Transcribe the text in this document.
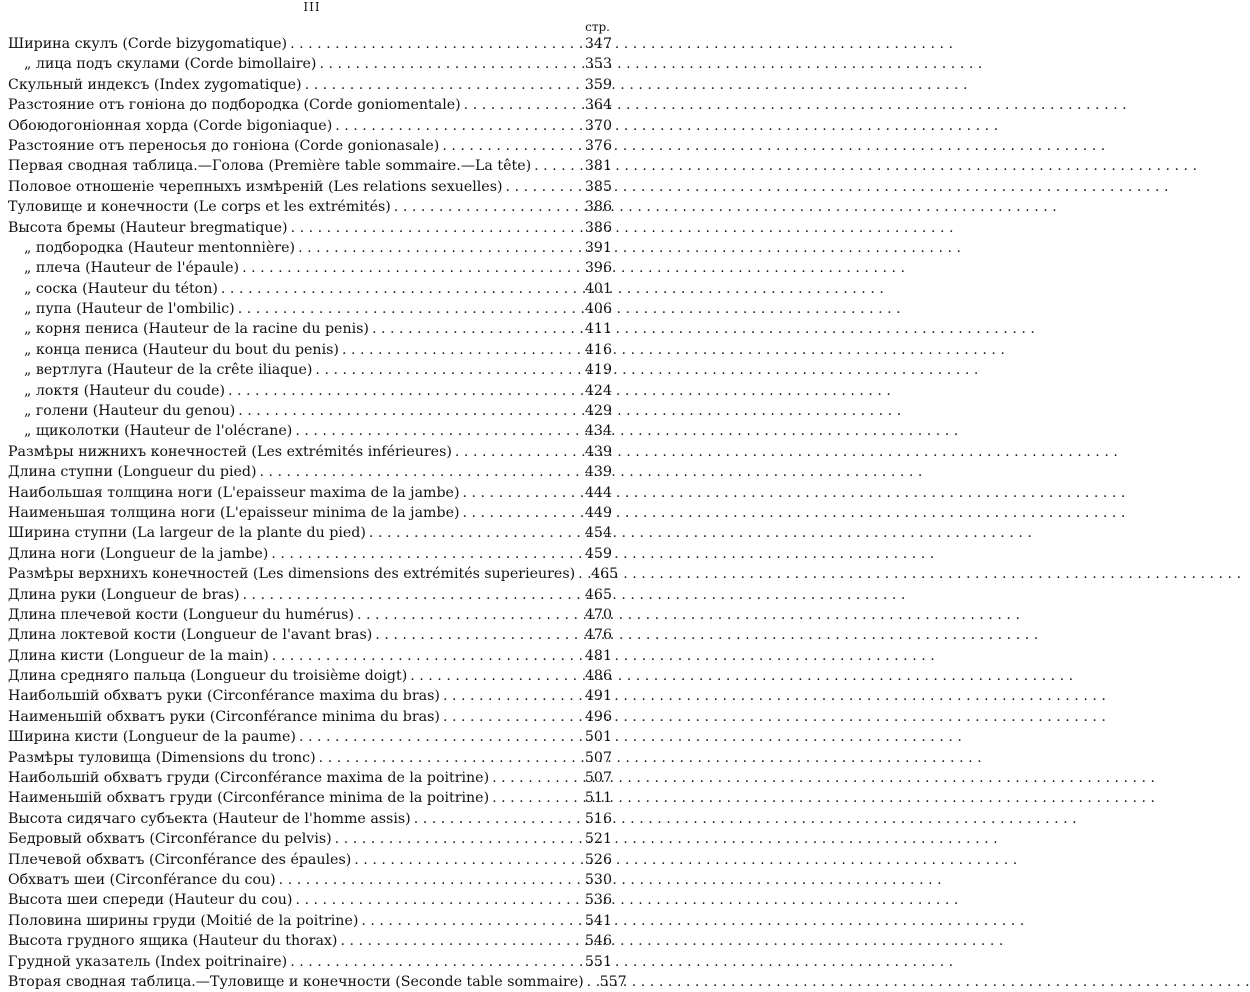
III
стр.
Ширина скулъ (Corde bizygomatique) . . .	347
„ лица подъ скулами (Corde bimollaire) . . .	353
Скульный индексъ (Index zygomatique) . . .	359
Разстояние отъ гоніона до подбородка (Corde goniomentale) . . .	364
Обоюдогоніонная хорда (Corde bigoniaque) . . .	370
Разстояние отъ переносья до гоніона (Corde gonionasale) . . .	376
Первая сводная таблица.—Голова (Première table sommaire.—La tête) . . .	381
Половое отношеніе черепныхъ измѣреній (Les relations sexuelles) . . .	385
Туловище и конечности (Le corps et les extrémités) . . .	386
Высота бремы (Hauteur bregmatique) . . .	386
„ подбородка (Hauteur mentonnière) . . .	391
„ плеча (Hauteur de l'épaule) . . .	396
„ соска (Hauteur du téton) . . .	401
„ пупа (Hauteur de l'ombilic) . . .	406
„ корня пениса (Hauteur de la racine du penis) . . .	411
„ конца пениса (Hauteur du bout du penis) . . .	416
„ вертлуга (Hauteur de la crête iliaque) . . .	419
„ локтя (Hauteur du coude) . . .	424
„ голени (Hauteur du genou) . . .	429
„ щиколотки (Hauteur de l'olécrane) . . .	434
Размѣры нижнихъ конечностей (Les extrémités inférieures) . . .	439
Длина ступни (Longueur du pied) . . .	439
Наибольшая толщина ноги (L'epaisseur maxima de la jambe) . . .	444
Наименьшая толщина ноги (L'epaisseur minima de la jambe) . . .	449
Ширина ступни (La largeur de la plante du pied) . . .	454
Длина ноги (Longueur de la jambe) . . .	459
Размѣры верхнихъ конечностей (Les dimensions des extrémités superieures) . . .	465
Длина руки (Longueur de bras) . . .	465
Длина плечевой кости (Longueur du humérus) . . .	470
Длина локтевой кости (Longueur de l'avant bras) . . .	476
Длина кисти (Longueur de la main) . . .	481
Длина средняго пальца (Longueur du troisième doigt) . . .	486
Наибольшій обхватъ руки (Circonférance maxima du bras) . . .	491
Наименьшій обхватъ руки (Circonférance minima du bras) . . .	496
Ширина кисти (Longueur de la paume) . . .	501
Размѣры туловища (Dimensions du tronc) . . .	507
Наибольшій обхватъ груди (Circonférance maxima de la poitrine) . . .	507
Наименьшій обхватъ груди (Circonférance minima de la poitrine) . . .	511
Высота сидячаго субъекта (Hauteur de l'homme assis) . . .	516
Бедровый обхватъ (Circonférance du pelvis) . . .	521
Плечевой обхватъ (Circonférance des épaules) . . .	526
Обхватъ шеи (Circonférance du cou) . . .	530
Высота шеи спереди (Hauteur du cou) . . .	536
Половина ширины груди (Moitié de la poitrine) . . .	541
Высота грудного ящика (Hauteur du thorax) . . .	546
Грудной указатель (Index poitrinaire) . . .	551
Вторая сводная таблица.—Туловище и конечности (Seconde table sommaire) . . .	557
